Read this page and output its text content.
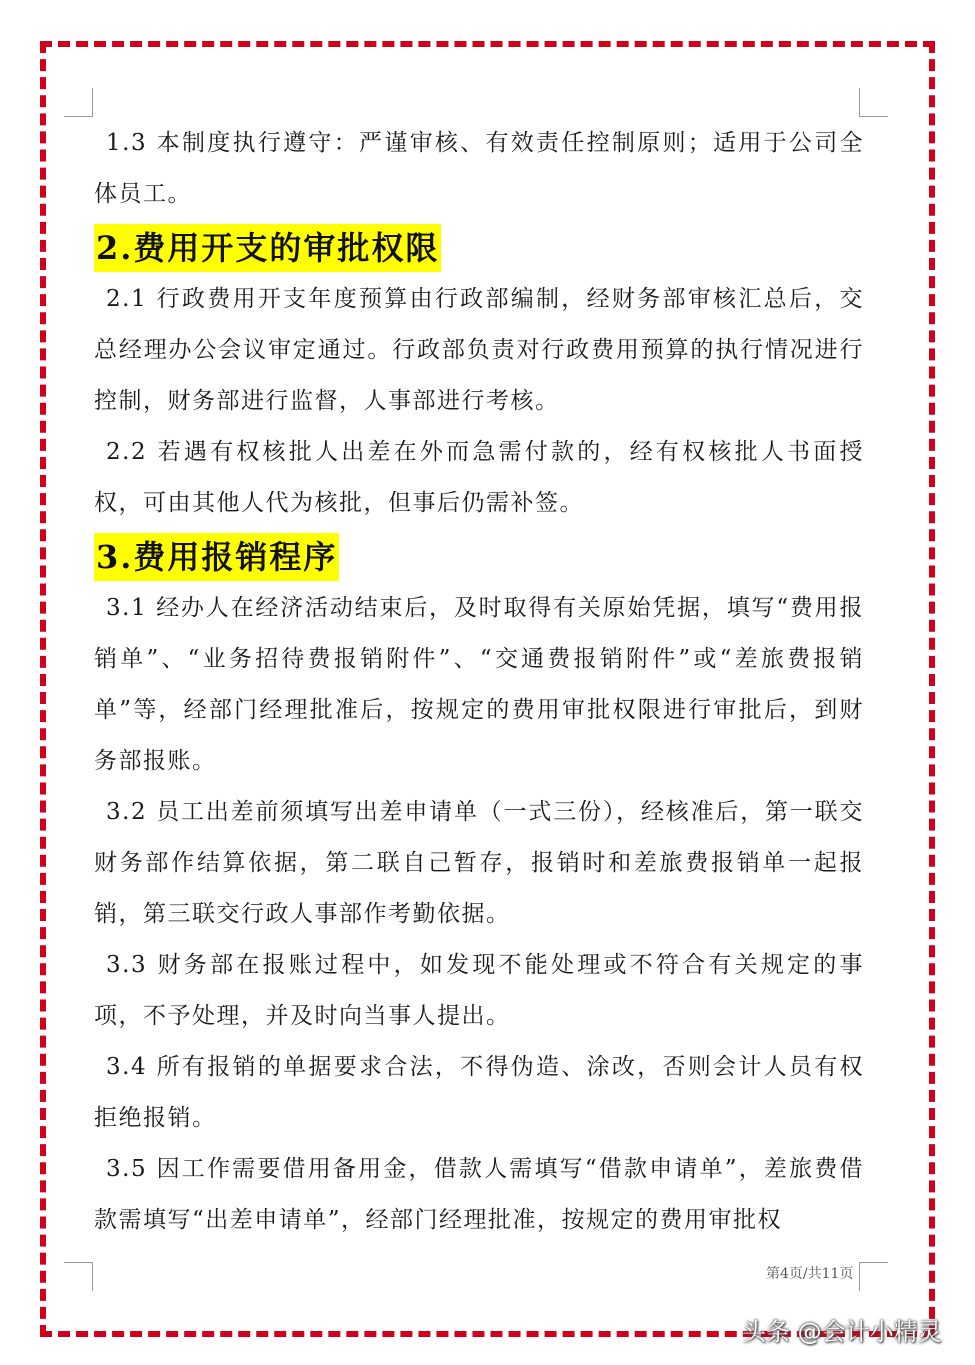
1.3 本制度执行遵守：严谨审核、有效责任控制原则；适用于公司全体员工。

2.费用开支的审批权限

2.1 行政费用开支年度预算由行政部编制，经财务部审核汇总后，交总经理办公会议审定通过。行政部负责对行政费用预算的执行情况进行控制，财务部进行监督，人事部进行考核。

2.2 若遇有权核批人出差在外而急需付款的，经有权核批人书面授权，可由其他人代为核批，但事后仍需补签。

3.费用报销程序

3.1 经办人在经济活动结束后，及时取得有关原始凭据，填写“费用报销单”、“业务招待费报销附件”、“交通费报销附件”或“差旅费报销单”等，经部门经理批准后，按规定的费用审批权限进行审批后，到财务部报账。

3.2 员工出差前须填写出差申请单（一式三份），经核准后，第一联交财务部作结算依据，第二联自己暂存，报销时和差旅费报销单一起报销，第三联交行政人事部作考勤依据。

3.3 财务部在报账过程中，如发现不能处理或不符合有关规定的事项，不予处理，并及时向当事人提出。

3.4 所有报销的单据要求合法，不得伪造、涂改，否则会计人员有权拒绝报销。

3.5 因工作需要借用备用金，借款人需填写“借款申请单”，差旅费借款需填写“出差申请单”，经部门经理批准，按规定的费用审批权

第4页/共11页
头条 @会计小精灵
